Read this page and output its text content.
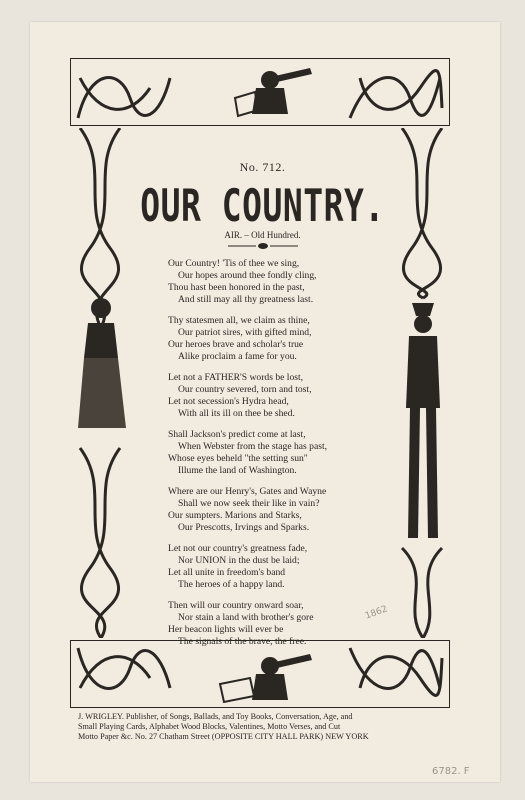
No. 712.
OUR COUNTRY.
AIR. – Old Hundred.
Our Country! 'Tis of thee we sing,
Our hopes around thee fondly cling,
Thou hast been honored in the past,
And still may all thy greatness last.
Thy statesmen all, we claim as thine,
Our patriot sires, with gifted mind,
Our heroes brave and scholar's true
Alike proclaim a fame for you.
Let not a FATHER'S words be lost,
Our country severed, torn and tost,
Let not secession's Hydra head,
With all its ill on thee be shed.
Shall Jackson's predict come at last,
When Webster from the stage has past,
Whose eyes beheld "the setting sun"
Illume the land of Washington.
Where are our Henry's, Gates and Wayne
Shall we now seek their like in vain?
Our sumpters. Marions and Starks,
Our Prescotts, Irvings and Sparks.
Let not our country's greatness fade,
Nor UNION in the dust be laid;
Let all unite in freedom's band
The heroes of a happy land.
Then will our country onward soar,
Nor stain a land with brother's gore
Her beacon lights will ever be
The signals of the brave, the free.
J. WRIGLEY. Publisher, of Songs, Ballads, and Toy Books, Conversation, Age, and
Small Playing Cards, Alphabet Wood Blocks, Valentines, Motto Verses, and Cut
Motto Paper &c. No. 27 Chatham Street (OPPOSITE CITY HALL PARK) NEW YORK
1862
6782. F
